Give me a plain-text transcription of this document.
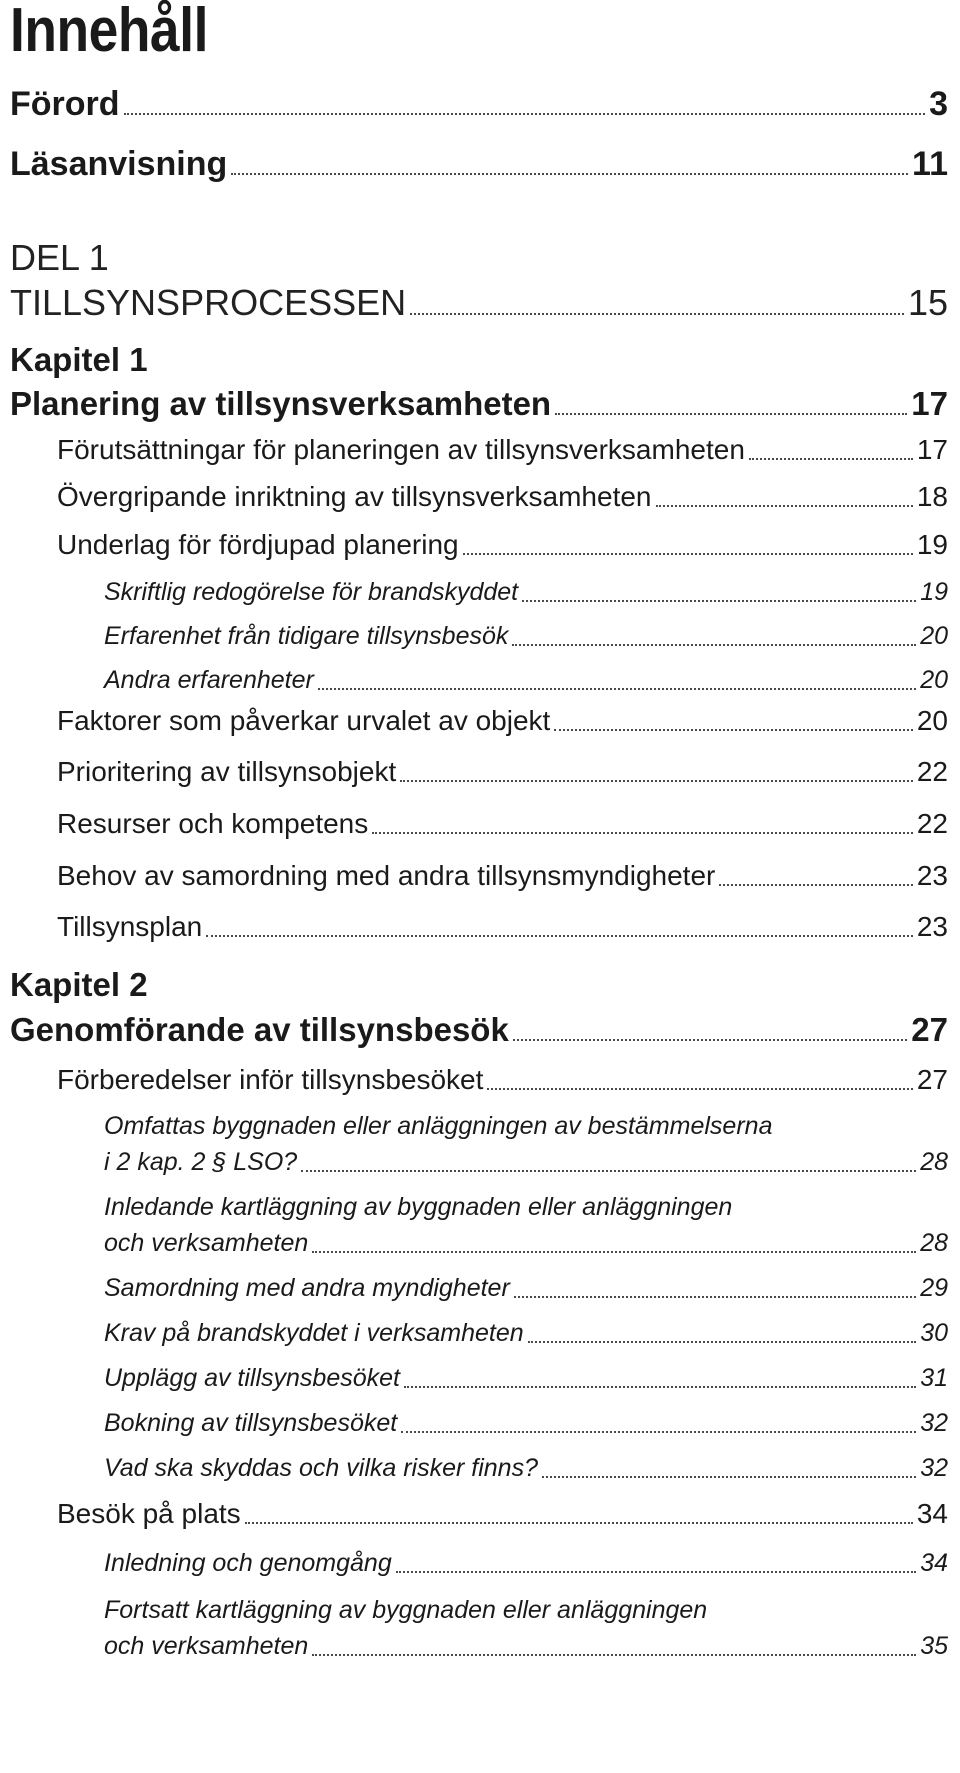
Innehåll
Förord	3
Läsanvisning	11
DEL 1
TILLSYNSPROCESSEN	15
Kapitel 1
Planering av tillsynsverksamheten	17
Förutsättningar för planeringen av tillsynsverksamheten	17
Övergripande inriktning av tillsynsverksamheten	18
Underlag för fördjupad planering	19
Skriftlig redogörelse för brandskyddet	19
Erfarenhet från tidigare tillsynsbesök	20
Andra erfarenheter	20
Faktorer som påverkar urvalet av objekt	20
Prioritering av tillsynsobjekt	22
Resurser och kompetens	22
Behov av samordning med andra tillsynsmyndigheter	23
Tillsynsplan	23
Kapitel 2
Genomförande av tillsynsbesök	27
Förberedelser inför tillsynsbesöket	27
Omfattas byggnaden eller anläggningen av bestämmelserna
i 2 kap. 2 § LSO?	28
Inledande kartläggning av byggnaden eller anläggningen
och verksamheten	28
Samordning med andra myndigheter	29
Krav på brandskyddet i verksamheten	30
Upplägg av tillsynsbesöket	31
Bokning av tillsynsbesöket	32
Vad ska skyddas och vilka risker finns?	32
Besök på plats	34
Inledning och genomgång	34
Fortsatt kartläggning av byggnaden eller anläggningen
och verksamheten	35
